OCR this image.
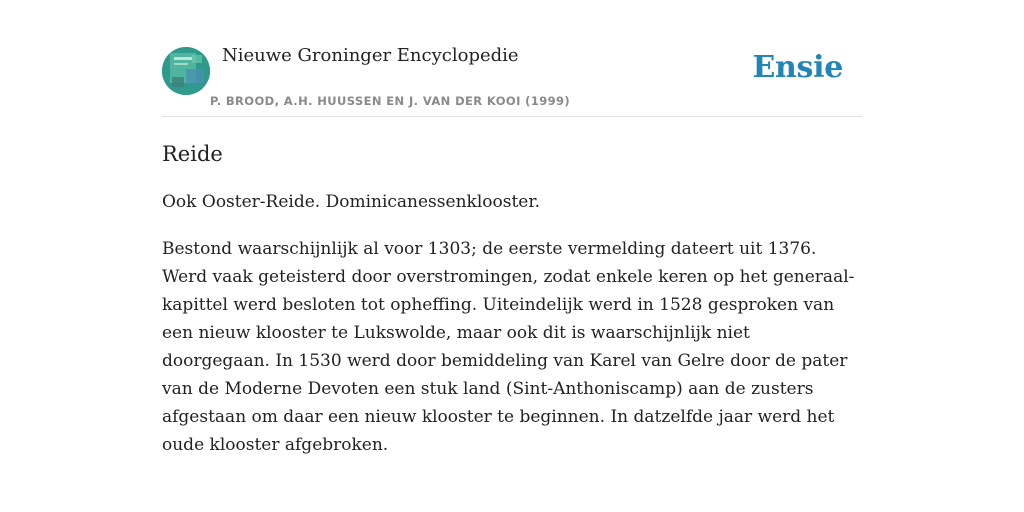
Nieuwe Groninger Encyclopedie
P. BROOD, A.H. HUUSSEN EN J. VAN DER KOOI (1999)
Ensie
Reide

Ook Ooster-Reide. Dominicanessenklooster.

Bestond waarschijnlijk al voor 1303; de eerste vermelding dateert uit 1376. Werd vaak geteisterd door overstromingen, zodat enkele keren op het generaal-kapittel werd besloten tot opheffing. Uiteindelijk werd in 1528 gesproken van een nieuw klooster te Lukswolde, maar ook dit is waarschijnlijk niet doorgegaan. In 1530 werd door bemiddeling van Karel van Gelre door de pater van de Moderne Devoten een stuk land (Sint-Anthoniscamp) aan de zusters afgestaan om daar een nieuw klooster te beginnen. In datzelfde jaar werd het oude klooster afgebroken.
